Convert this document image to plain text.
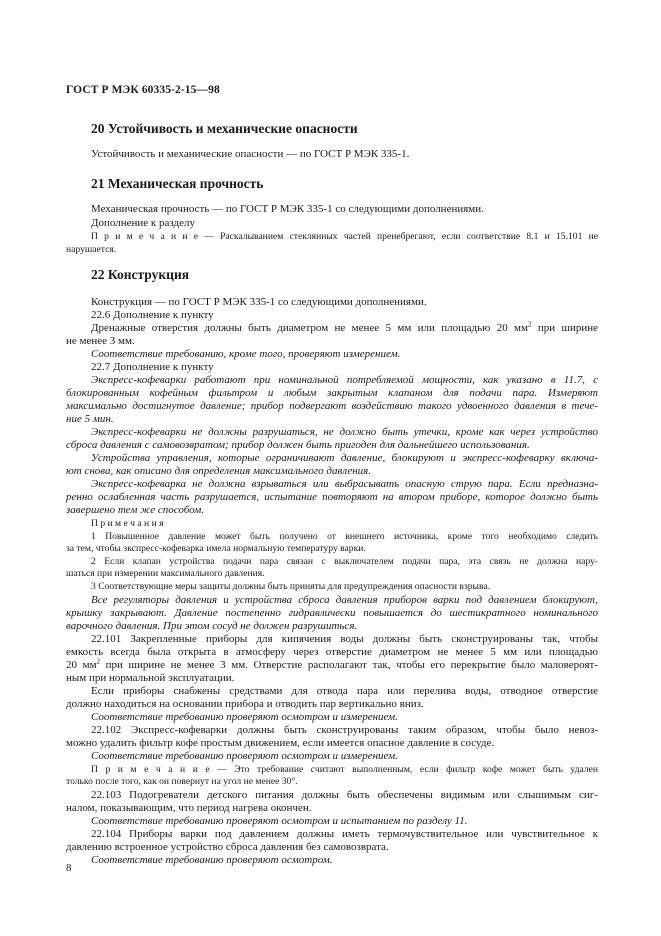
ГОСТ Р МЭК 60335-2-15—98
20 Устойчивость и механические опасности
Устойчивость и механические опасности — по ГОСТ Р МЭК 335-1.
21 Механическая прочность
Механическая прочность — по ГОСТ Р МЭК 335-1 со следующими дополнениями.
Дополнение к разделу
П р и м е ч а н и е — Раскалыванием стеклянных частей пренебрегают, если соответствие 8.1 и 15.101 не
нарушается.
22 Конструкция
Конструкция — по ГОСТ Р МЭК 335-1 со следующими дополнениями.
22.6 Дополнение к пункту
Дренажные отверстия должны быть диаметром не менее 5 мм или площадью 20 $мм^2$ при ширине
не менее 3 мм.
Соответствие требованию, кроме того, проверяют измерением.
22.7 Дополнение к пункту
Экспресс-кофеварки работают при номинальной потребляемой мощности, как указано в 11.7, с
блокированным кофейным фильтром и любым закрытым клапаном для подачи пара. Измеряют
максимально достигнутое давление; прибор подвергают воздействию такого удвоенного давления в тече-
ние 5 мин.
Экспресс-кофеварки не должны разрушаться, не должно быть утечки, кроме как через устройство
сброса давления с самовозвратом; прибор должен быть пригоден для дальнейшего использования.
Устройства управления, которые ограничивают давление, блокируют и экспресс-кофеварку включа-
ют снова, как описано для определения максимального давления.
Экспресс-кофеварка не должна взрываться или выбрасывать опасную струю пара. Если предназна-
ренно ослабленная часть разрушается, испытание повторяют на втором приборе, которое должно быть
завершено тем же способом.
П р и м е ч а н и я
1 Повышенное давление может быть получено от внешнего источника, кроме того необходимо следить
за тем, чтобы экспресс-кофеварка имела нормальную температуру варки.
2 Если клапан устройства подачи пара связан с выключателем подачи пара, эта связь не должна нару-
шаться при измерении максимального давления.
3 Соответствующие меры защиты должны быть приняты для предупреждения опасности взрыва.
Все регуляторы давления и устройства сброса давления приборов варки под давлением блокируют,
крышку закрывают. Давление постепенно гидравлически повышается до шестикратного номинального
варочного давления. При этом сосуд не должен разрушиться.
22.101 Закрепленные приборы для кипячения воды должны быть сконструированы так, чтобы
емкость всегда была открыта в атмосферу через отверстие диаметром не менее 5 мм или площадью
20 $мм^2$ при ширине не менее 3 мм. Отверстие располагают так, чтобы его перекрытие было маловероят-
ным при нормальной эксплуатации.
Если приборы снабжены средствами для отвода пара или перелива воды, отводное отверстие
должно находиться на основании прибора и отводить пар вертикально вниз.
Соответствие требованию проверяют осмотром и измерением.
22.102 Экспресс-кофеварки должны быть сконструированы таким образом, чтобы было невоз-
можно удалить фильтр кофе простым движением, если имеется опасное давление в сосуде.
Соответствие требованию проверяют осмотром и измерением.
П р и м е ч а н и е — Это требование считают выполненным, если фильтр кофе может быть удален
только после того, как он повернут на угол не менее 30°.
22.103 Подогреватели детского питания должны быть обеспечены видимым или слышимым сиг-
налом, показывающим, что период нагрева окончен.
Соответствие требованию проверяют осмотром и испытанием по разделу 11.
22.104 Приборы варки под давлением должны иметь термочувствительное или чувствительное к
давлению встроенное устройство сброса давления без самовозврата.
Соответствие требованию проверяют осмотром.
8
